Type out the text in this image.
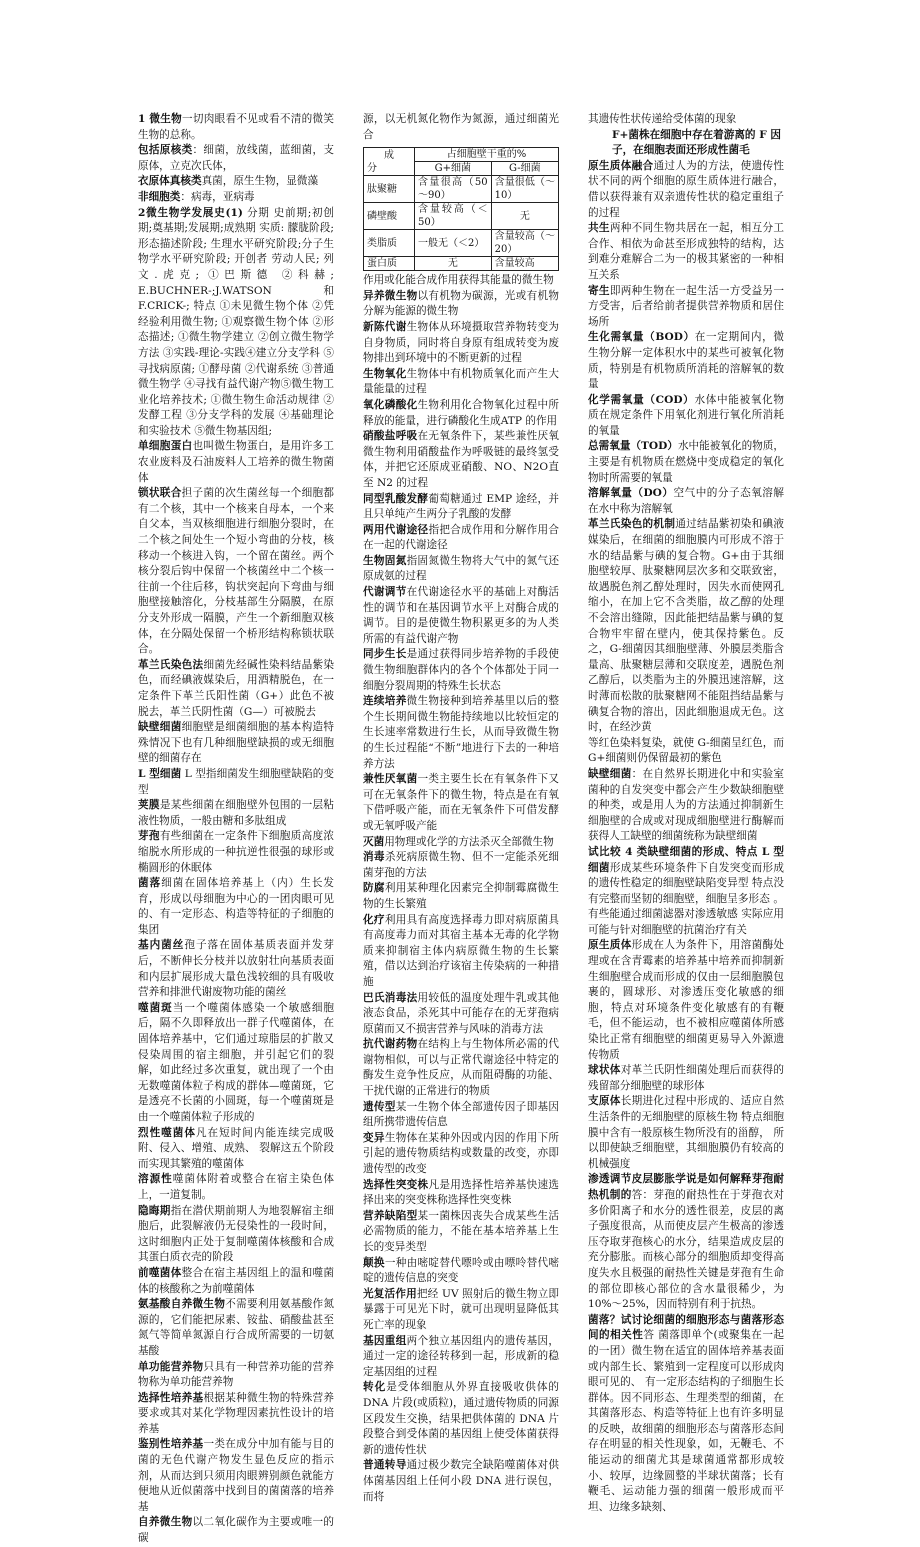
1 微生物一切肉眼看不见或看不清的微笑生物的总称。

包括原核类：细菌，放线菌，蓝细菌，支原体，立克次氏体，

衣原体真核类真菌，原生生物，显微藻

非细胞类：病毒，亚病毒

2微生物学发展史(1) 分期 史前期;初创期;奠基期;发展期;成熟期 实质: 朦胧阶段; 形态描述阶段; 生理水平研究阶段;分子生物学水平研究阶段; 开创者 劳动人民; 列文.虎克; ①巴斯德 ②科赫; E.BUCHNER-;J.WATSON 和 F.CRICK-; 特点 ①未见微生物个体 ②凭经验利用微生物; ①观察微生物个体 ②形态描述; ①微生物学建立 ②创立微生物学方法 ③实践-理论-实践④建立分支学科 ⑤寻找病原菌; ①酵母菌 ②代谢系统 ③普通微生物学 ④寻找有益代谢产物⑤微生物工业化培养技术; ①微生物生命活动规律 ②发酵工程 ③分支学科的发展 ④基础理论和实验技术 ⑤微生物基因组;

单细胞蛋白也叫微生物蛋白，是用许多工农业废料及石油废料人工培养的微生物菌体

锁状联合担子菌的次生菌丝每一个细胞都有二个核，其中一个核来自母本，一个来自父本，当双核细胞进行细胞分裂时，在二个核之间处生一个短小弯曲的分枝，核移动一个核进入钩，一个留在菌丝。两个核分裂后钩中保留一个核菌丝中二个核一往前一个往后移，钩状突起向下弯曲与细胞壁接触溶化，分枝基部生分隔膜，在原分支外形成一隔膜，产生一个新细胞双核体，在分隔处保留一个桥形结构称锁状联合。

革兰氏染色法细菌先经碱性染料结晶紫染色，而经碘液媒染后，用酒精脱色，在一定条件下革兰氏阳性菌（G+）此色不被脱去，革兰氏阴性菌（G—）可被脱去

缺壁细菌细胞壁是细菌细胞的基本构造特殊情况下也有几种细胞壁缺损的或无细胞壁的细菌存在

L 型细菌 L 型指细菌发生细胞壁缺陷的变型

荚膜是某些细菌在细胞壁外包围的一层粘液性物质，一般由糖和多肽组成

芽孢有些细菌在一定条件下细胞质高度浓缩脱水所形成的一种抗逆性很强的球形或椭圆形的休眠体

菌落细菌在固体培养基上（内）生长发育，形成以母细胞为中心的一团肉眼可见的、有一定形态、构造等特征的子细胞的集团

基内菌丝孢子落在固体基质表面并发芽后，不断伸长分枝并以放射壮向基质表面和内层扩展形成大量色浅较细的具有吸收营养和排泄代谢废物功能的菌丝

噬菌斑当一个噬菌体感染一个敏感细胞后，隔不久即释放出一群子代噬菌体，在固体培养基中，它们通过琼脂层的扩散又侵染周围的宿主细胞，并引起它们的裂解，如此经过多次重复，就出现了一个由无数噬菌体粒子构成的群体—噬菌斑，它是透亮不长菌的小圆斑，每一个噬菌斑是由一个噬菌体粒子形成的

烈性噬菌体凡在短时间内能连续完成吸附、侵入、增殖、成熟、 裂解这五个阶段而实现其繁殖的噬菌体

溶源性噬菌体附着或整合在宿主染色体上，一道复制。

隐晦期指在潜伏期前期人为地裂解宿主细胞后，此裂解液仍无侵染性的一段时间，这时细胞内正处于复制噬菌体核酸和合成其蛋白质衣壳的阶段

前噬菌体整合在宿主基因组上的温和噬菌体的核酸称之为前噬菌体

氨基酸自养微生物不需要利用氨基酸作氮源的，它们能把尿素、铵盐、硝酸盐甚至氮气等简单氮源自行合成所需要的一切氨基酸

单功能营养物只具有一种营养功能的营养物称为单功能营养物

选择性培养基根据某种微生物的特殊营养要求或其对某化学物理因素抗性设计的培养基

鉴别性培养基一类在成分中加有能与目的菌的无色代谢产物发生显色反应的指示剂，从而达到只须用肉眼辨别颜色就能方便地从近似菌落中找到目的菌菌落的培养基

自养微生物以二氧化碳作为主要或唯一的碳

源，以无机氮化物作为氮源，通过细菌光合

成
分	占细胞壁干重的%	
	G+细菌	G-细菌
肽聚糖	含量很高（50～90）	含量很低（～10）
磷壁酸	含量较高（＜50）	无
类脂质	一般无（＜2）	含量较高（～20）
蛋白质	无	含量较高

作用或化能合成作用获得其能量的微生物

异养微生物以有机物为碳源，光或有机物分解为能源的微生物

新陈代谢生物体从环境摄取营养物转变为自身物质，同时将自身原有组成转变为废物排出到环境中的不断更新的过程

生物氧化生物体中有机物质氧化而产生大量能量的过程

氧化磷酸化生物利用化合物氧化过程中所释放的能量，进行磷酸化生成ATP 的作用

硝酸盐呼吸在无氧条件下，某些兼性厌氧微生物利用硝酸盐作为呼吸链的最终氢受体，并把它还原成亚硝酸、NO、N2O直至 N2 的过程

同型乳酸发酵葡萄糖通过 EMP 途经，并且只单纯产生两分子乳酸的发酵

两用代谢途径指把合成作用和分解作用合在一起的代谢途径

生物固氮指固氮微生物将大气中的氮气还原成氨的过程

代谢调节在代谢途径水平的基础上对酶活性的调节和在基因调节水平上对酶合成的调节。目的是使微生物积累更多的为人类所需的有益代谢产物

同步生长是通过获得同步培养物的手段使微生物细胞群体内的各个个体都处于同一细胞分裂周期的特殊生长状态

连续培养微生物接种到培养基里以后的整个生长期间微生物能持续地以比较恒定的生长速率常数进行生长，从而导致微生物的生长过程能“不断”地进行下去的一种培养方法

兼性厌氧菌一类主要生长在有氧条件下又可在无氧条件下的微生物，特点是在有氧下借呼吸产能，而在无氧条件下可借发酵或无氧呼吸产能

灭菌用物理或化学的方法杀灭全部微生物

消毒杀死病原微生物、但不一定能杀死细菌芽孢的方法

防腐利用某种理化因素完全抑制霉腐微生物的生长繁殖

化疗利用具有高度选择毒力即对病原菌具有高度毒力而对其宿主基本无毒的化学物质来抑制宿主体内病原微生物的生长繁殖，借以达到治疗该宿主传染病的一种措施

巴氏消毒法用较低的温度处理牛乳或其他液态食品，杀死其中可能存在的无芽孢病原菌而又不损害营养与风味的消毒方法

抗代谢药物在结构上与生物体所必需的代谢物相似，可以与正常代谢途径中特定的酶发生竞争性反应，从而阻碍酶的功能、干扰代谢的正常进行的物质

遗传型某一生物个体全部遗传因子即基因组所携带遗传信息

变异生物体在某种外因或内因的作用下所引起的遗传物质结构或数量的改变，亦即遗传型的改变

选择性突变株凡是用选择性培养基快速选择出来的突变株称选择性突变株

营养缺陷型某一菌株因丧失合成某些生活必需物质的能力，不能在基本培养基上生长的变异类型

颠换一种由嘧啶替代嘌呤或由嘌呤替代嘧啶的遗传信息的突变

光复活作用把经 UV 照射后的微生物立即暴露于可见光下时，就可出现明显降低其死亡率的现象

基因重组两个独立基因组内的遗传基因，通过一定的途径转移到一起，形成新的稳定基因组的过程

转化是受体细胞从外界直接吸收供体的DNA 片段(或质粒)，通过遗传物质的同源区段发生交换，结果把供体菌的 DNA 片段整合到受体菌的基因组上使受体菌获得新的遗传性状

普通转导通过极少数完全缺陷噬菌体对供体菌基因组上任何小段 DNA 进行误包，而将

其遗传性状传递给受体菌的现象

F+菌株在细胞中存在着游离的 F 因子，在细胞表面还形成性菌毛

原生质体融合通过人为的方法，使遗传性状不同的两个细胞的原生质体进行融合，借以获得兼有双亲遗传性状的稳定重组子的过程

共生两种不同生物共居在一起，相互分工合作、相依为命甚至形成独特的结构，达到难分难解合二为一的极其紧密的一种相互关系

寄生即两种生物在一起生活一方受益另一方受害，后者给前者提供营养物质和居住场所

生化需氧量（BOD）在一定期间内，微生物分解一定体积水中的某些可被氧化物质，特别是有机物质所消耗的溶解氧的数量

化学需氧量（COD）水体中能被氧化物质在规定条件下用氧化剂进行氧化所消耗的氧量

总需氧量（TOD）水中能被氧化的物质，主要是有机物质在燃烧中变成稳定的氧化物时所需要的氧量

溶解氧量（DO）空气中的分子态氧溶解在水中称为溶解氧

革兰氏染色的机制通过结晶紫初染和碘液媒染后，在细菌的细胞膜内可形成不溶于水的结晶紫与碘的复合物。G+由于其细胞壁较厚、肽聚糖网层次多和交联致密，故遇脱色剂乙醇处理时，因失水而使网孔缩小，在加上它不含类脂，故乙醇的处理不会溶出缝隙，因此能把结晶紫与碘的复合物牢牢留在壁内，使其保持紫色。反之，G-细菌因其细胞壁薄、外膜层类脂含量高、肽聚糖层薄和交联度差，遇脱色剂乙醇后，以类脂为主的外膜迅速溶解，这时薄而松散的肽聚糖网不能阻挡结晶紫与碘复合物的溶出，因此细胞退成无色。这时，在经沙黄

等红色染料复染，就使 G-细菌呈红色，而 G+细菌则仍保留最初的紫色

缺壁细菌：在自然界长期进化中和实验室菌种的自发突变中都会产生少数缺细胞壁的种类，或是用人为的方法通过抑制新生细胞壁的合成或对现成细胞壁进行酶解而获得人工缺壁的细菌统称为缺壁细菌

试比较 4 类缺壁细菌的形成、特点 L 型细菌形成某些环境条件下自发突变而形成的遗传性稳定的细胞壁缺陷变异型 特点没有完整而坚韧的细胞壁，细胞呈多形态 。有些能通过细菌滤器对渗透敏感 实际应用可能与针对细胞壁的抗菌治疗有关

原生质体形成在人为条件下，用溶菌酶处理或在含青霉素的培养基中培养而抑制新生细胞壁合成而形成的仅由一层细胞膜包裹的，圆球形、对渗透压变化敏感的细胞，特点对环境条件变化敏感有的有鞭毛，但不能运动，也不被相应噬菌体所感染比正常有细胞壁的细菌更易导入外源遗传物质

球状体对革兰氏阴性细菌处理后而获得的残留部分细胞壁的球形体

支原体长期进化过程中形成的、适应自然生活条件的无细胞壁的原核生物 特点细胞膜中含有一般原核生物所没有的甾醇， 所以即使缺乏细胞壁，其细胞膜仍有较高的机械强度

渗透调节皮层膨胀学说是如何解释芽孢耐热机制的答：芽孢的耐热性在于芽孢衣对多价阳离子和水分的透性很差，皮层的离子强度很高，从而使皮层产生极高的渗透压夺取芽孢核心的水分，结果造成皮层的充分膨胀。而核心部分的细胞质却变得高度失水且极强的耐热性关键是芽孢有生命的部位即核心部位的含水量很稀少，为10%～25%，因而特别有利于抗热。

菌落？试讨论细菌的细胞形态与菌落形态间的相关性答 菌落即单个(或聚集在一起的一团）微生物在适宜的固体培养基表面或内部生长、繁殖到一定程度可以形成肉眼可见的、 有一定形态结构的子细胞生长群体。因不同形态、生理类型的细菌，在其菌落形态、构造等特征上也有许多明显的反映，故细菌的细胞形态与菌落形态间存在明显的相关性现象，如，无鞭毛、不能运动的细菌尤其是球菌通常都形成较小、较厚，边缘圆整的半球状菌落；长有鞭毛、运动能力强的细菌一般形成而平坦、边缘多缺刻、
